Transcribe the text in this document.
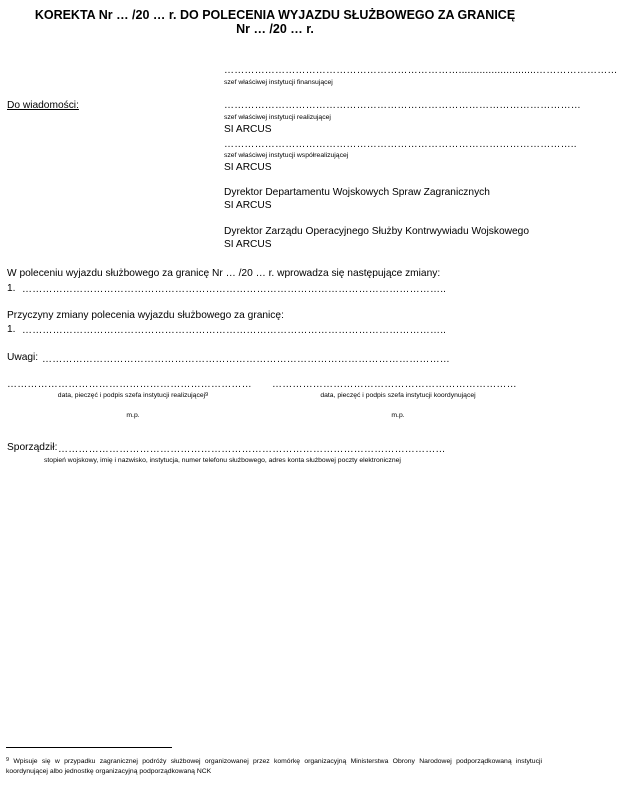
KOREKTA Nr … /20 … r. DO POLECENIA WYJAZDU SŁUŻBOWEGO ZA GRANICĘ
Nr … /20 … r.
……………………………………………………………..........................……………………
szef właściwej instytucji finansującej
Do wiadomości:	……………………………………………………………………………………………
szef właściwej instytucji realizującej
SI ARCUS
…………………………………………………………………………………………..
szef właściwej instytucji współrealizującej
SI ARCUS
Dyrektor Departamentu Wojskowych Spraw Zagranicznych
SI ARCUS
Dyrektor Zarządu Operacyjnego Służby Kontrwywiadu Wojskowego
SI ARCUS
W poleceniu wyjazdu służbowego za granicę Nr … /20 … r. wprowadza się następujące zmiany:
1. ……………………………………………………………………………………………………………..
Przyczyny zmiany polecenia wyjazdu służbowego za granicę:
1. ……………………………………………………………………………………………………………..
Uwagi: …………………………………………………………………………………………………………
………………………………………………………………
data, pieczęć i podpis szefa instytucji realizującej$^9$
m.p.
………………………………………………………………
data, pieczęć i podpis szefa instytucji koordynującej
m.p.
Sporządził: ……………………………………………………………………………………………………
stopień wojskowy, imię i nazwisko, instytucja, numer telefonu służbowego, adres konta służbowej poczty elektronicznej
$^9$ Wpisuje się w przypadku zagranicznej podróży służbowej organizowanej przez komórkę organizacyjną Ministerstwa Obrony Narodowej podporządkowaną instytucji koordynującej albo jednostkę organizacyjną podporządkowaną NCK
